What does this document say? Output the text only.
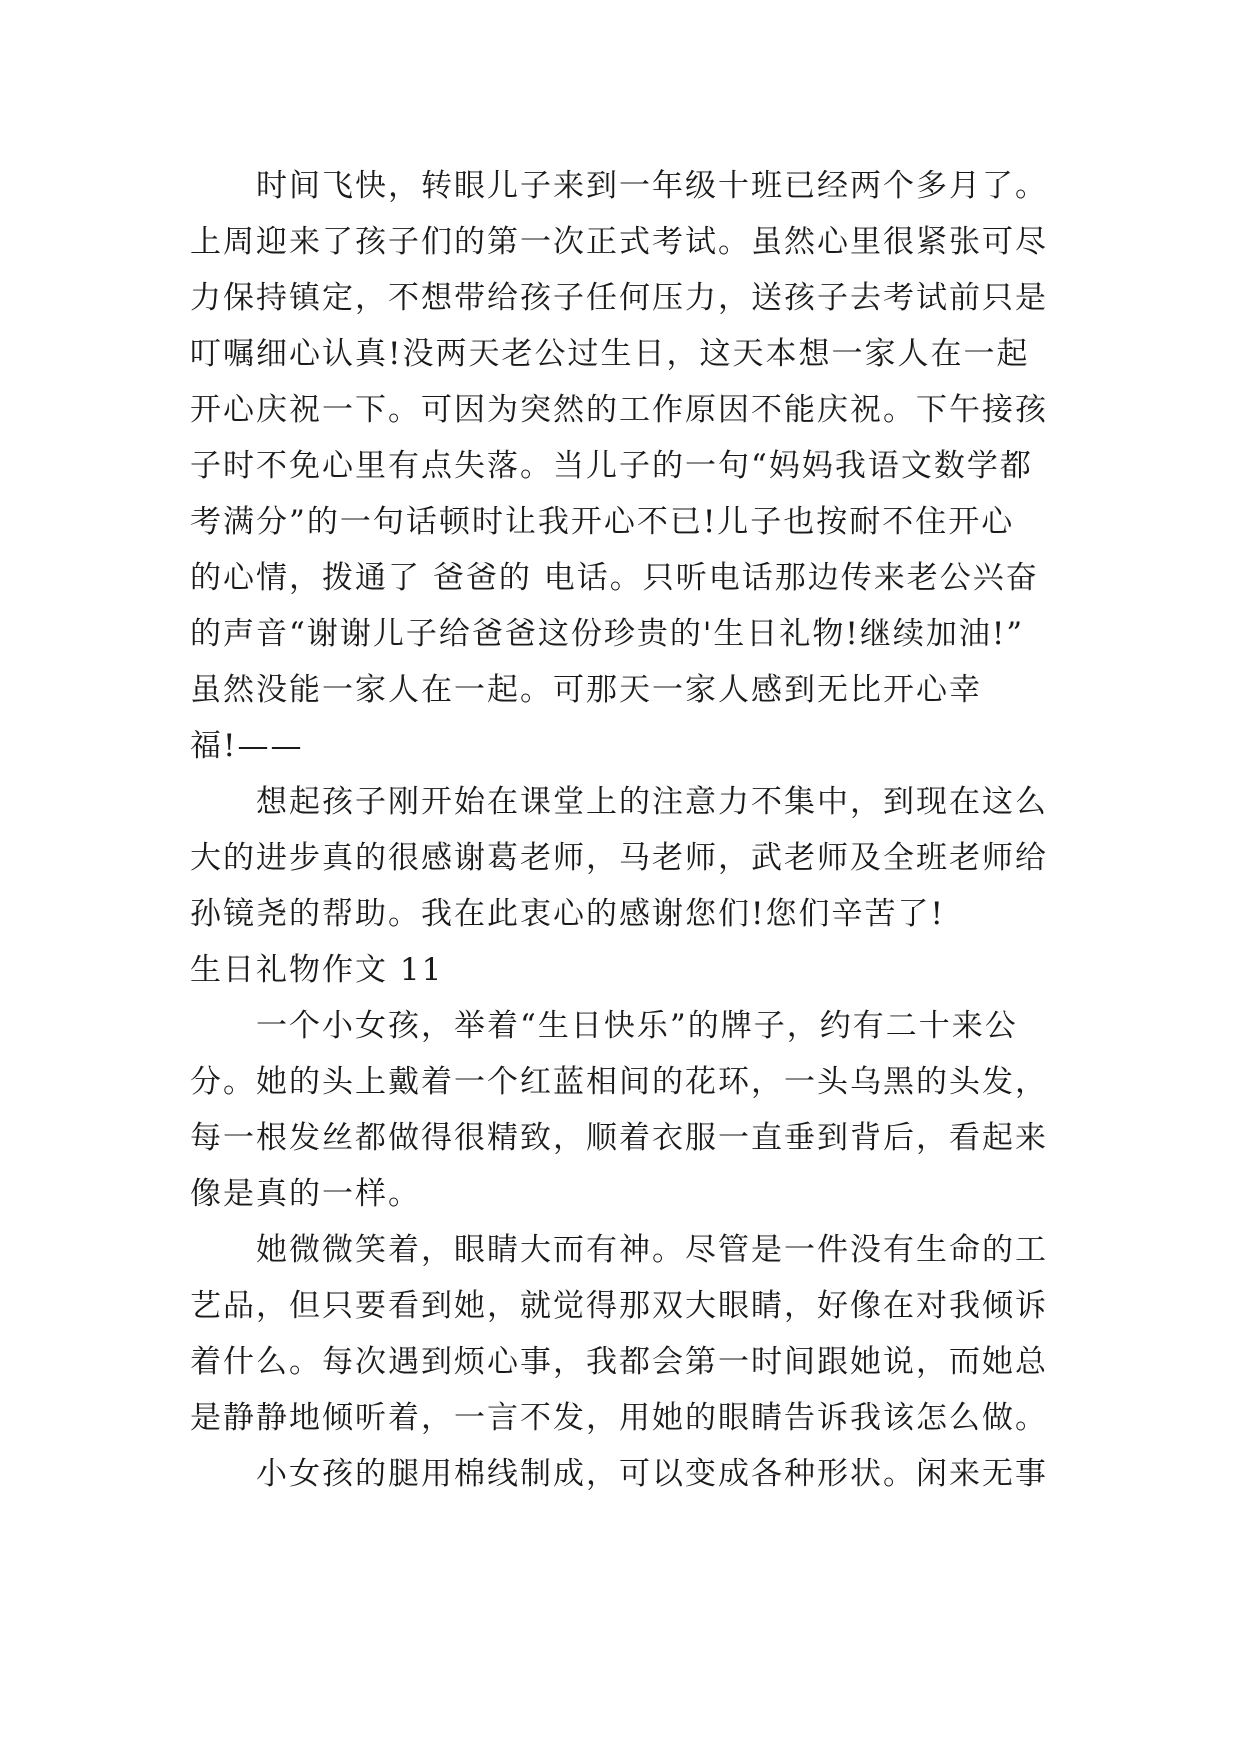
时间飞快，转眼儿子来到一年级十班已经两个多月了。
上周迎来了孩子们的第一次正式考试。虽然心里很紧张可尽
力保持镇定，不想带给孩子任何压力，送孩子去考试前只是
叮嘱细心认真!没两天老公过生日，这天本想一家人在一起
开心庆祝一下。可因为突然的工作原因不能庆祝。下午接孩
子时不免心里有点失落。当儿子的一句“妈妈我语文数学都
考满分”的一句话顿时让我开心不已!儿子也按耐不住开心
的心情，拨通了 爸爸的 电话。只听电话那边传来老公兴奋
的声音“谢谢儿子给爸爸这份珍贵的'生日礼物!继续加油!”
虽然没能一家人在一起。可那天一家人感到无比开心幸
福!——
想起孩子刚开始在课堂上的注意力不集中，到现在这么
大的进步真的很感谢葛老师，马老师，武老师及全班老师给
孙镜尧的帮助。我在此衷心的感谢您们!您们辛苦了!
生日礼物作文 11
一个小女孩，举着“生日快乐”的牌子，约有二十来公
分。她的头上戴着一个红蓝相间的花环，一头乌黑的头发，
每一根发丝都做得很精致，顺着衣服一直垂到背后，看起来
像是真的一样。
她微微笑着，眼睛大而有神。尽管是一件没有生命的工
艺品，但只要看到她，就觉得那双大眼睛，好像在对我倾诉
着什么。每次遇到烦心事，我都会第一时间跟她说，而她总
是静静地倾听着，一言不发，用她的眼睛告诉我该怎么做。
小女孩的腿用棉线制成，可以变成各种形状。闲来无事
